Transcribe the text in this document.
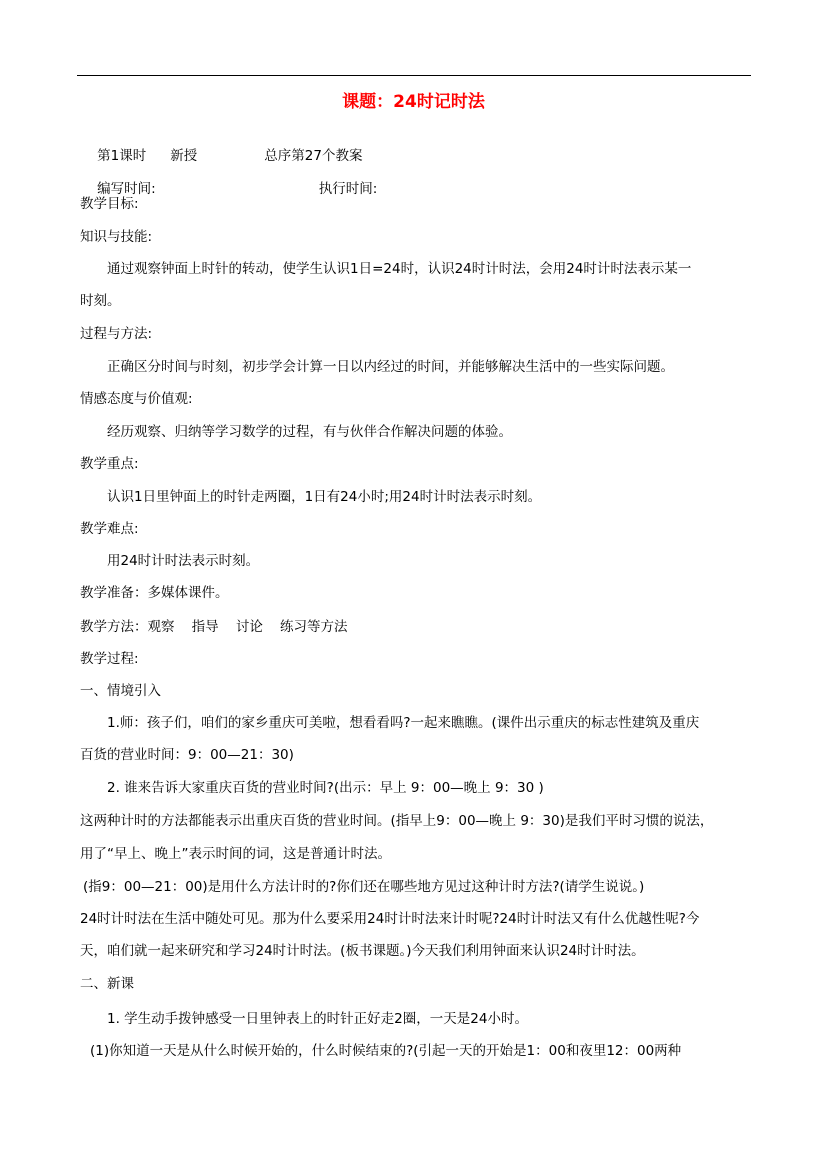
课题：24时记时法

第1课时 新授	总序第27个教案

编写时间:	执行时间:

教学目标:
知识与技能:
通过观察钟面上时针的转动，使学生认识1日=24时，认识24时计时法，会用24时计时法表示某一
时刻。
过程与方法:
正确区分时间与时刻，初步学会计算一日以内经过的时间，并能够解决生活中的一些实际问题。
情感态度与价值观:
经历观察、归纳等学习数学的过程，有与伙伴合作解决问题的体验。
教学重点:
认识1日里钟面上的时针走两圈，1日有24小时;用24时计时法表示时刻。
教学难点:
用24时计时法表示时刻。
教学准备：多媒体课件。
教学方法：观察    指导    讨论    练习等方法
教学过程:
一、情境引入
1.师：孩子们，咱们的家乡重庆可美啦，想看看吗?一起来瞧瞧。(课件出示重庆的标志性建筑及重庆
百货的营业时间：9：00—21：30)
2. 谁来告诉大家重庆百货的营业时间?(出示：早上 9：00—晚上 9：30 )
这两种计时的方法都能表示出重庆百货的营业时间。(指早上9：00—晚上 9：30)是我们平时习惯的说法，
用了“早上、晚上”表示时间的词，这是普通计时法。
(指9：00—21：00)是用什么方法计时的?你们还在哪些地方见过这种计时方法?(请学生说说。)
24时计时法在生活中随处可见。那为什么要采用24时计时法来计时呢?24时计时法又有什么优越性呢?今
天，咱们就一起来研究和学习24时计时法。(板书课题。)今天我们利用钟面来认识24时计时法。
二、新课
1. 学生动手拨钟感受一日里钟表上的时针正好走2圈，一天是24小时。
(1)你知道一天是从什么时候开始的，什么时候结束的?(引起一天的开始是1：00和夜里12：00两种
